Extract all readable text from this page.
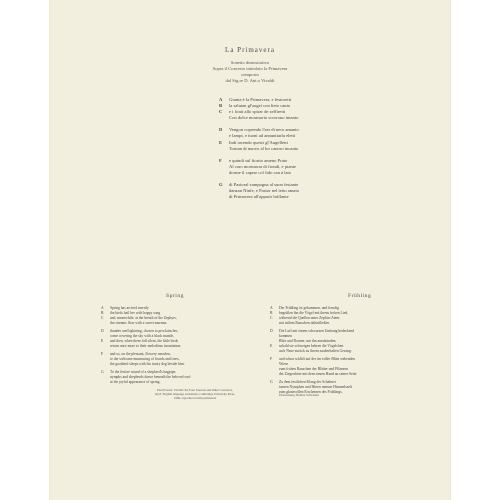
La Primavera
Sonetto dimostrativo
Sopra il Concerto intitolato la Primavera
composto
dal Sig.re D. Ant.o Vivaldi
A	Giunta è la Primavera, e festosetti
B	la salutan gl'augei con lieto canto
C	e i fonti allo spirar de zeffiretti
Con dolce mormorio scorrono intanto
D	Vengon coprendo l'aer di nero amanto
e lampi, e tuoni ad annuntiarla eletti
E	Indi tacendo questi gl'Augelletti
Tornan di nuovo al lor canoro incanto
F	e quindi sul fiorito ameno Prato
Al caro mormorar di frondi, e piante
dorme il caprar col fido can à lato
G	di Pastoral zampogna al suon festante
danzan Ninfe, e Pastor nel tetto amato
di Primavera all'apparir brillante
Spring
A	Spring has arrived merrily
B	the birds hail her with happy song
C	and, meanwhile, at the breath of the Zephyrs,
the streams flow with a sweet murmur.
D	thunder and lightning, chosen to proclaim her,
come covering the sky with a black mantle,
E	and then, when these fall silent, the little birds
return once more to their melodious incantation:
F	and so, on the pleasant, flowery meadow,
to the welcome murmuring of fronds and trees,
the goatherd sleeps with his trusty dog beside him.
G	To the festive sound of a shepherd's bagpipe,
nymphs and shepherds dance beneath the beloved roof
at the joyful appearance of spring.
Paul Everett, Vivaldi: the Four Seasons and Other Concertos,
Op.8, English language translation, Cambridge University Press,
1996, reproduced with permission
Frühling
A	Der Frühling ist gekommen, und freudig
B	begrüßen ihn die Vögel mit ihrem frohen Lied,
C	während die Quellen unter Zephirs Atem
mit süßem Rauschen dahinfließen.
D	Die Luft mit einem schwarzen Umhang bedeckend
kommen
Blitz und Donner, um ihn anzukünden;
E	sobald sie schweigen kehren die Vögelchen
aufs Neue zurück zu ihrem zauberhaften Gesang:
F	und schon schläft auf der im voller Blüte stehenden
Wiese
zum frohen Rauschen der Blätter und Pflanzen
der Ziegenhirte mit dem treuen Hund an seiner Seite
G	Zu dem festlichen Klang der Schalmei
tanzen Nymphen und Hirten unterm Himmelszelt
zum glanzvollen Erscheinen des Frühlings.
Übersetzung: Bettina Schwemer
